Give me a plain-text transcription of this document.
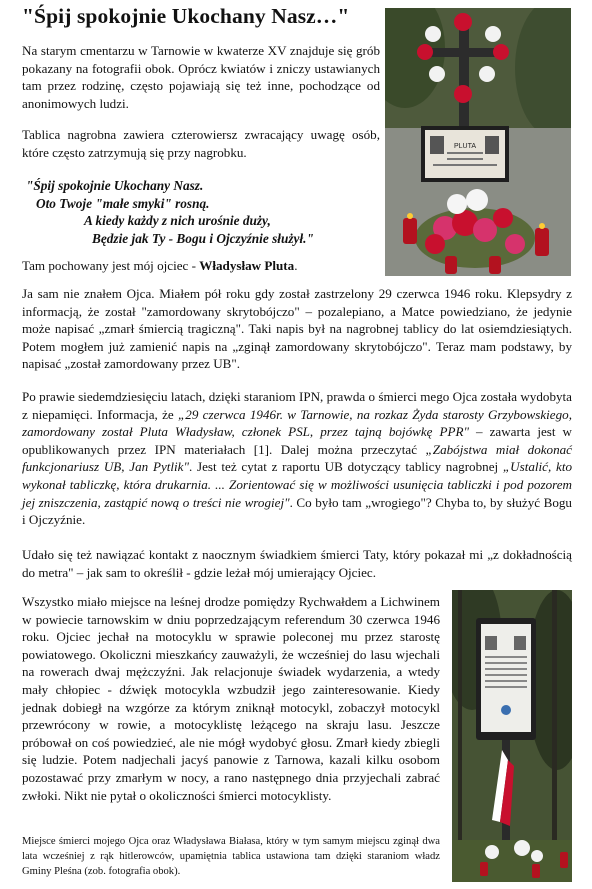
"Śpij spokojnie Ukochany Nasz…"

Na starym cmentarzu w Tarnowie w kwaterze XV znajduje się grób pokazany na fotografii obok. Oprócz kwiatów i zniczy ustawianych tam przez rodzinę, często pojawiają się też inne, pochodzące od anonimowych ludzi.

Tablica nagrobna zawiera czterowiersz zwracający uwagę osób, które często zatrzymują się przy nagrobku.

"Śpij spokojnie Ukochany Nasz.
Oto Twoje "małe smyki" rosną.
A kiedy każdy z nich urośnie duży,
Będzie jak Ty - Bogu i Ojczyźnie służył."

Tam pochowany jest mój ojciec - Władysław Pluta.

Ja sam nie znałem Ojca. Miałem pół roku gdy został zastrzelony 29 czerwca 1946 roku. Klepsydry z informacją, że został "zamordowany skrytobójczo" – pozalepiano, a Matce powiedziano, że jedynie może napisać „zmarł śmiercią tragiczną". Taki napis był na nagrobnej tablicy do lat osiemdziesiątych. Potem mogłem już zamienić napis na „zginął zamordowany skrytobójczo". Teraz mam podstawy, by napisać „został zamordowany przez UB".

Po prawie siedemdziesięciu latach, dzięki staraniom IPN, prawda o śmierci mego Ojca została wydobyta z niepamięci. Informacja, że „29 czerwca 1946r. w Tarnowie, na rozkaz Żyda starosty Grzybowskiego, zamordowany został Pluta Władysław, członek PSL, przez tajną bojówkę PPR" – zawarta jest w opublikowanych przez IPN materiałach [1]. Dalej można przeczytać „Zabójstwa miał dokonać funkcjonariusz UB, Jan Pytlik". Jest też cytat z raportu UB dotyczący tablicy nagrobnej „Ustalić, kto wykonał tabliczkę, która drukarnia. ... Zorientować się w możliwości usunięcia tabliczki i pod pozorem jej zniszczenia, zastąpić nową o treści nie wrogiej". Co było tam „wrogiego"? Chyba to, by służyć Bogu i Ojczyźnie.

Udało się też nawiązać kontakt z naocznym świadkiem śmierci Taty, który pokazał mi „z dokładnością do metra" – jak sam to określił - gdzie leżał mój umierający Ojciec.

Wszystko miało miejsce na leśnej drodze pomiędzy Rychwałdem a Lichwinem w powiecie tarnowskim w dniu poprzedzającym referendum 30 czerwca 1946 roku. Ojciec jechał na motocyklu w sprawie poleconej mu przez starostę powiatowego. Okoliczni mieszkańcy zauważyli, że wcześniej do lasu wjechali na rowerach dwaj mężczyźni. Jak relacjonuje świadek wydarzenia, a wtedy mały chłopiec - dźwięk motocykla wzbudził jego zainteresowanie. Kiedy jednak dobiegł na wzgórze za którym zniknął motocykl, zobaczył motocykl przewrócony w rowie, a motocyklistę leżącego na skraju lasu. Jeszcze próbował on coś powiedzieć, ale nie mógł wydobyć głosu. Zmarł kiedy zbiegli się ludzie. Potem nadjechali jacyś panowie z Tarnowa, kazali kilku osobom pozostawać przy zmarłym w nocy, a rano następnego dnia przyjechali zabrać zwłoki. Nikt nie pytał o okoliczności śmierci motocyklisty.

Miejsce śmierci mojego Ojca oraz Władysława Białasa, który w tym samym miejscu zginął dwa lata wcześniej z rąk hitlerowców, upamiętnia tablica ustawiona tam dzięki staraniom władz Gminy Pleśna (zob. fotografia obok).

PLUTA
